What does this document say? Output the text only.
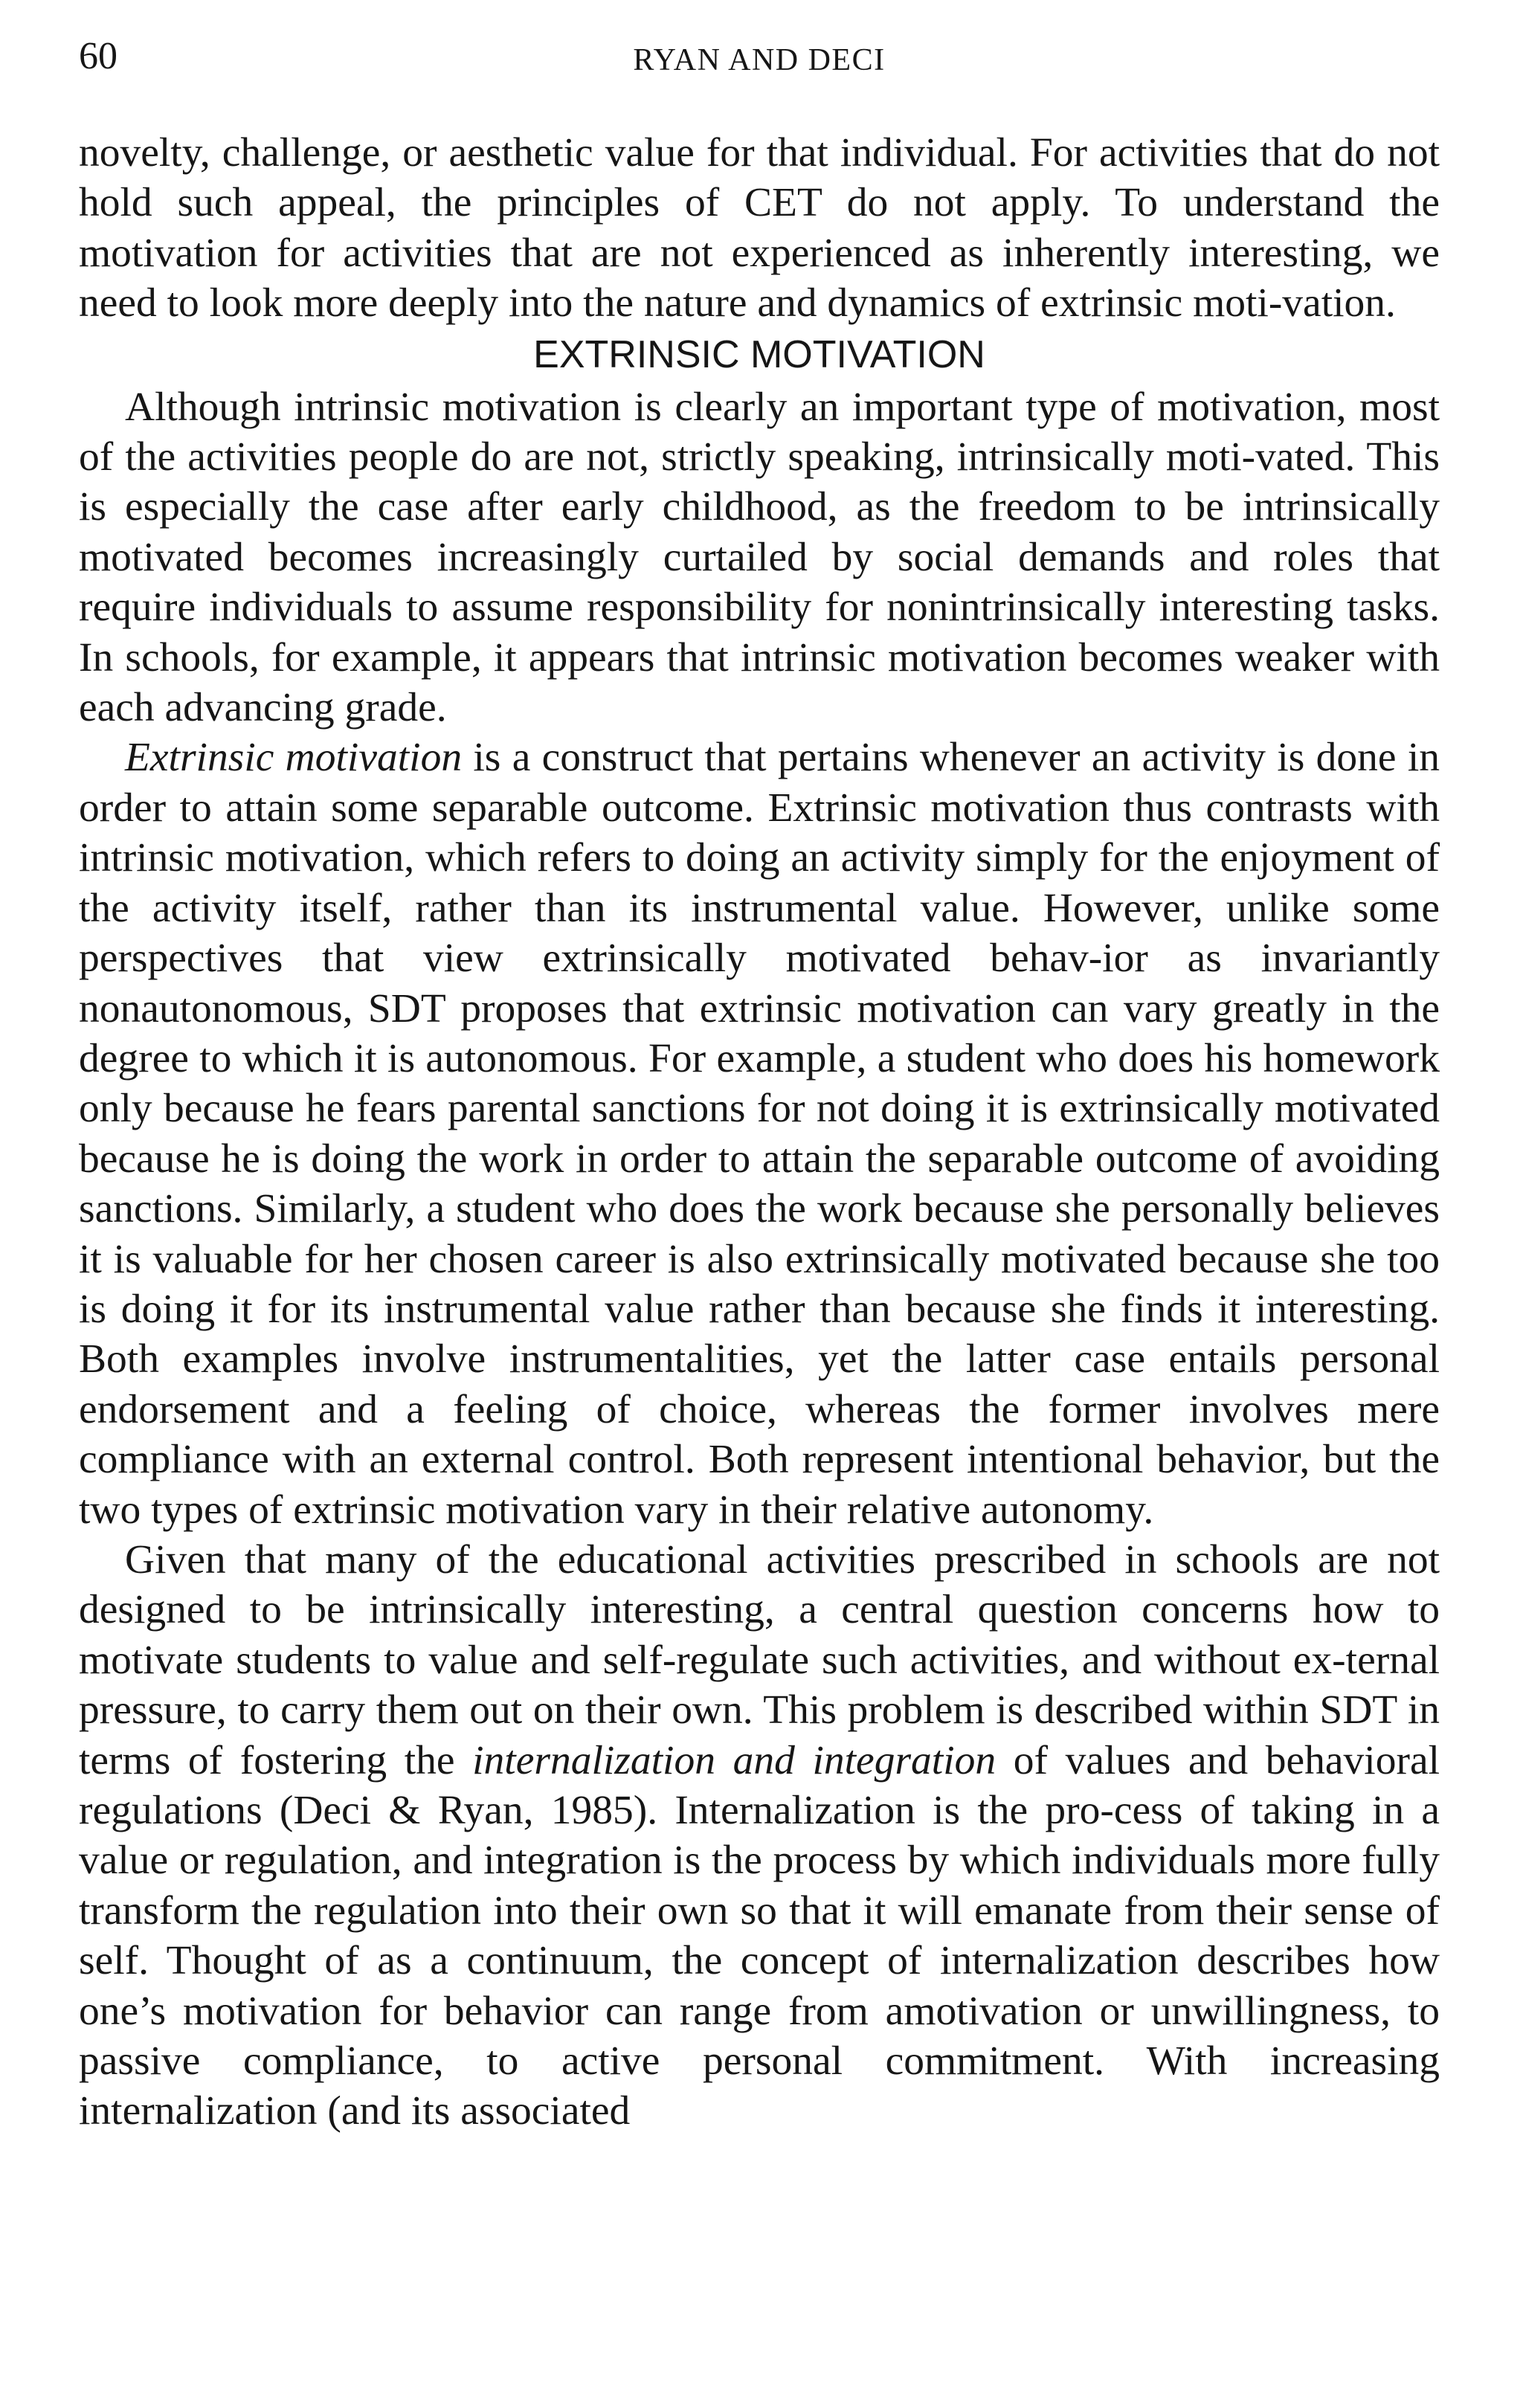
60	RYAN AND DECI

novelty, challenge, or aesthetic value for that individual. For activities that do not hold such appeal, the principles of CET do not apply. To understand the motivation for activities that are not experienced as inherently interesting, we need to look more deeply into the nature and dynamics of extrinsic moti-vation.

EXTRINSIC MOTIVATION

Although intrinsic motivation is clearly an important type of motivation, most of the activities people do are not, strictly speaking, intrinsically moti-vated. This is especially the case after early childhood, as the freedom to be intrinsically motivated becomes increasingly curtailed by social demands and roles that require individuals to assume responsibility for nonintrinsically interesting tasks. In schools, for example, it appears that intrinsic motivation becomes weaker with each advancing grade.

Extrinsic motivation is a construct that pertains whenever an activity is done in order to attain some separable outcome. Extrinsic motivation thus contrasts with intrinsic motivation, which refers to doing an activity simply for the enjoyment of the activity itself, rather than its instrumental value. However, unlike some perspectives that view extrinsically motivated behav-ior as invariantly nonautonomous, SDT proposes that extrinsic motivation can vary greatly in the degree to which it is autonomous. For example, a student who does his homework only because he fears parental sanctions for not doing it is extrinsically motivated because he is doing the work in order to attain the separable outcome of avoiding sanctions. Similarly, a student who does the work because she personally believes it is valuable for her chosen career is also extrinsically motivated because she too is doing it for its instrumental value rather than because she finds it interesting. Both examples involve instrumentalities, yet the latter case entails personal endorsement and a feeling of choice, whereas the former involves mere compliance with an external control. Both represent intentional behavior, but the two types of extrinsic motivation vary in their relative autonomy.

Given that many of the educational activities prescribed in schools are not designed to be intrinsically interesting, a central question concerns how to motivate students to value and self-regulate such activities, and without ex-ternal pressure, to carry them out on their own. This problem is described within SDT in terms of fostering the internalization and integration of values and behavioral regulations (Deci & Ryan, 1985). Internalization is the pro-cess of taking in a value or regulation, and integration is the process by which individuals more fully transform the regulation into their own so that it will emanate from their sense of self. Thought of as a continuum, the concept of internalization describes how one’s motivation for behavior can range from amotivation or unwillingness, to passive compliance, to active personal commitment. With increasing internalization (and its associated
